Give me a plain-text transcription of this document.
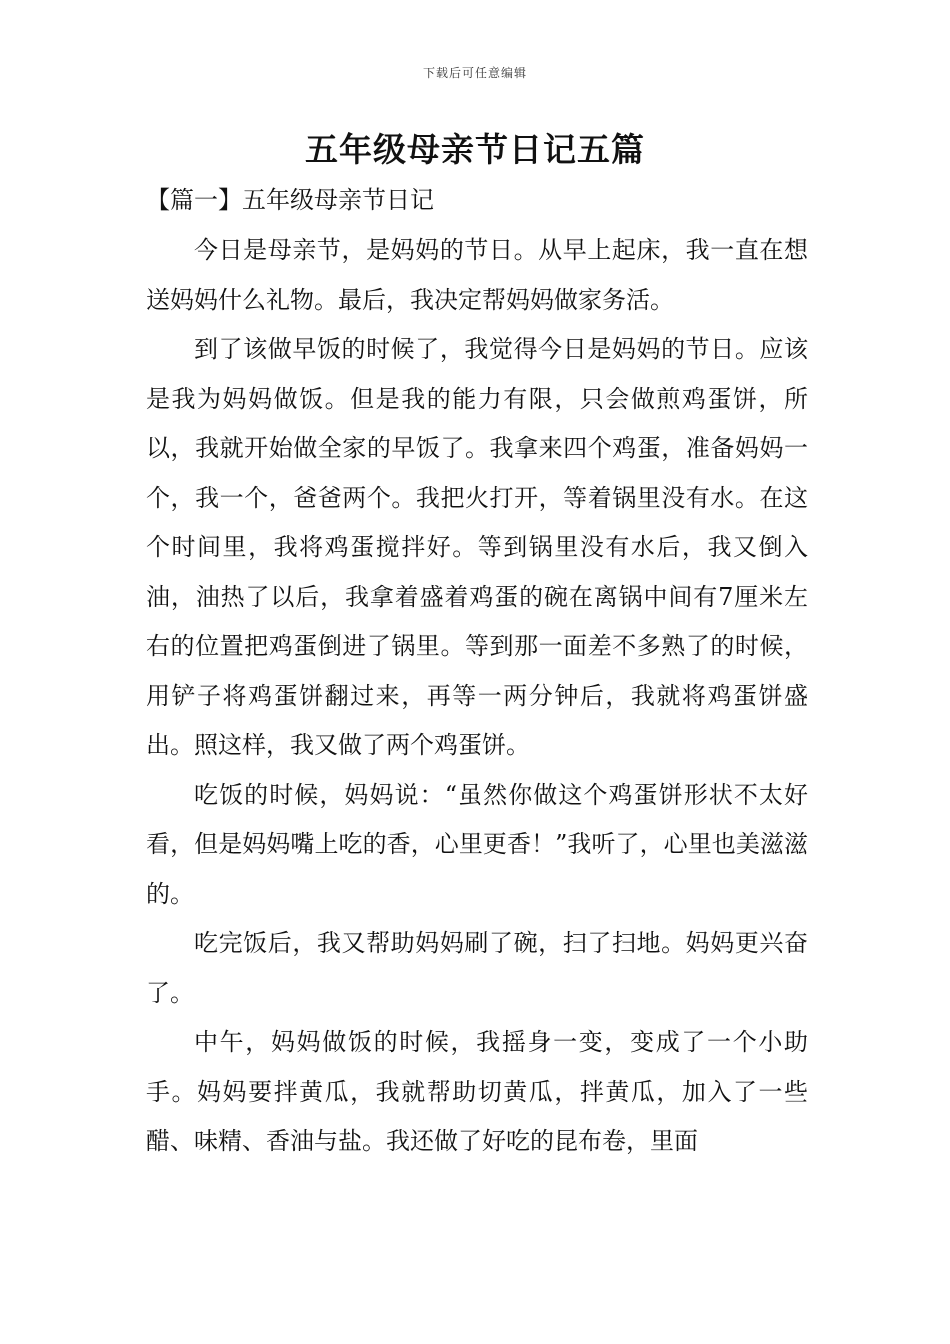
下载后可任意编辑
五年级母亲节日记五篇
【篇一】五年级母亲节日记

今日是母亲节，是妈妈的节日。从早上起床，我一直在想送妈妈什么礼物。最后，我决定帮妈妈做家务活。

到了该做早饭的时候了，我觉得今日是妈妈的节日。应该是我为妈妈做饭。但是我的能力有限，只会做煎鸡蛋饼，所以，我就开始做全家的早饭了。我拿来四个鸡蛋，准备妈妈一个，我一个，爸爸两个。我把火打开，等着锅里没有水。在这个时间里，我将鸡蛋搅拌好。等到锅里没有水后，我又倒入油，油热了以后，我拿着盛着鸡蛋的碗在离锅中间有7厘米左右的位置把鸡蛋倒进了锅里。等到那一面差不多熟了的时候，用铲子将鸡蛋饼翻过来，再等一两分钟后，我就将鸡蛋饼盛出。照这样，我又做了两个鸡蛋饼。

吃饭的时候，妈妈说：“虽然你做这个鸡蛋饼形状不太好看，但是妈妈嘴上吃的香，心里更香！”我听了，心里也美滋滋的。

吃完饭后，我又帮助妈妈刷了碗，扫了扫地。妈妈更兴奋了。

中午，妈妈做饭的时候，我摇身一变，变成了一个小助手。妈妈要拌黄瓜，我就帮助切黄瓜，拌黄瓜，加入了一些醋、味精、香油与盐。我还做了好吃的昆布卷，里面
